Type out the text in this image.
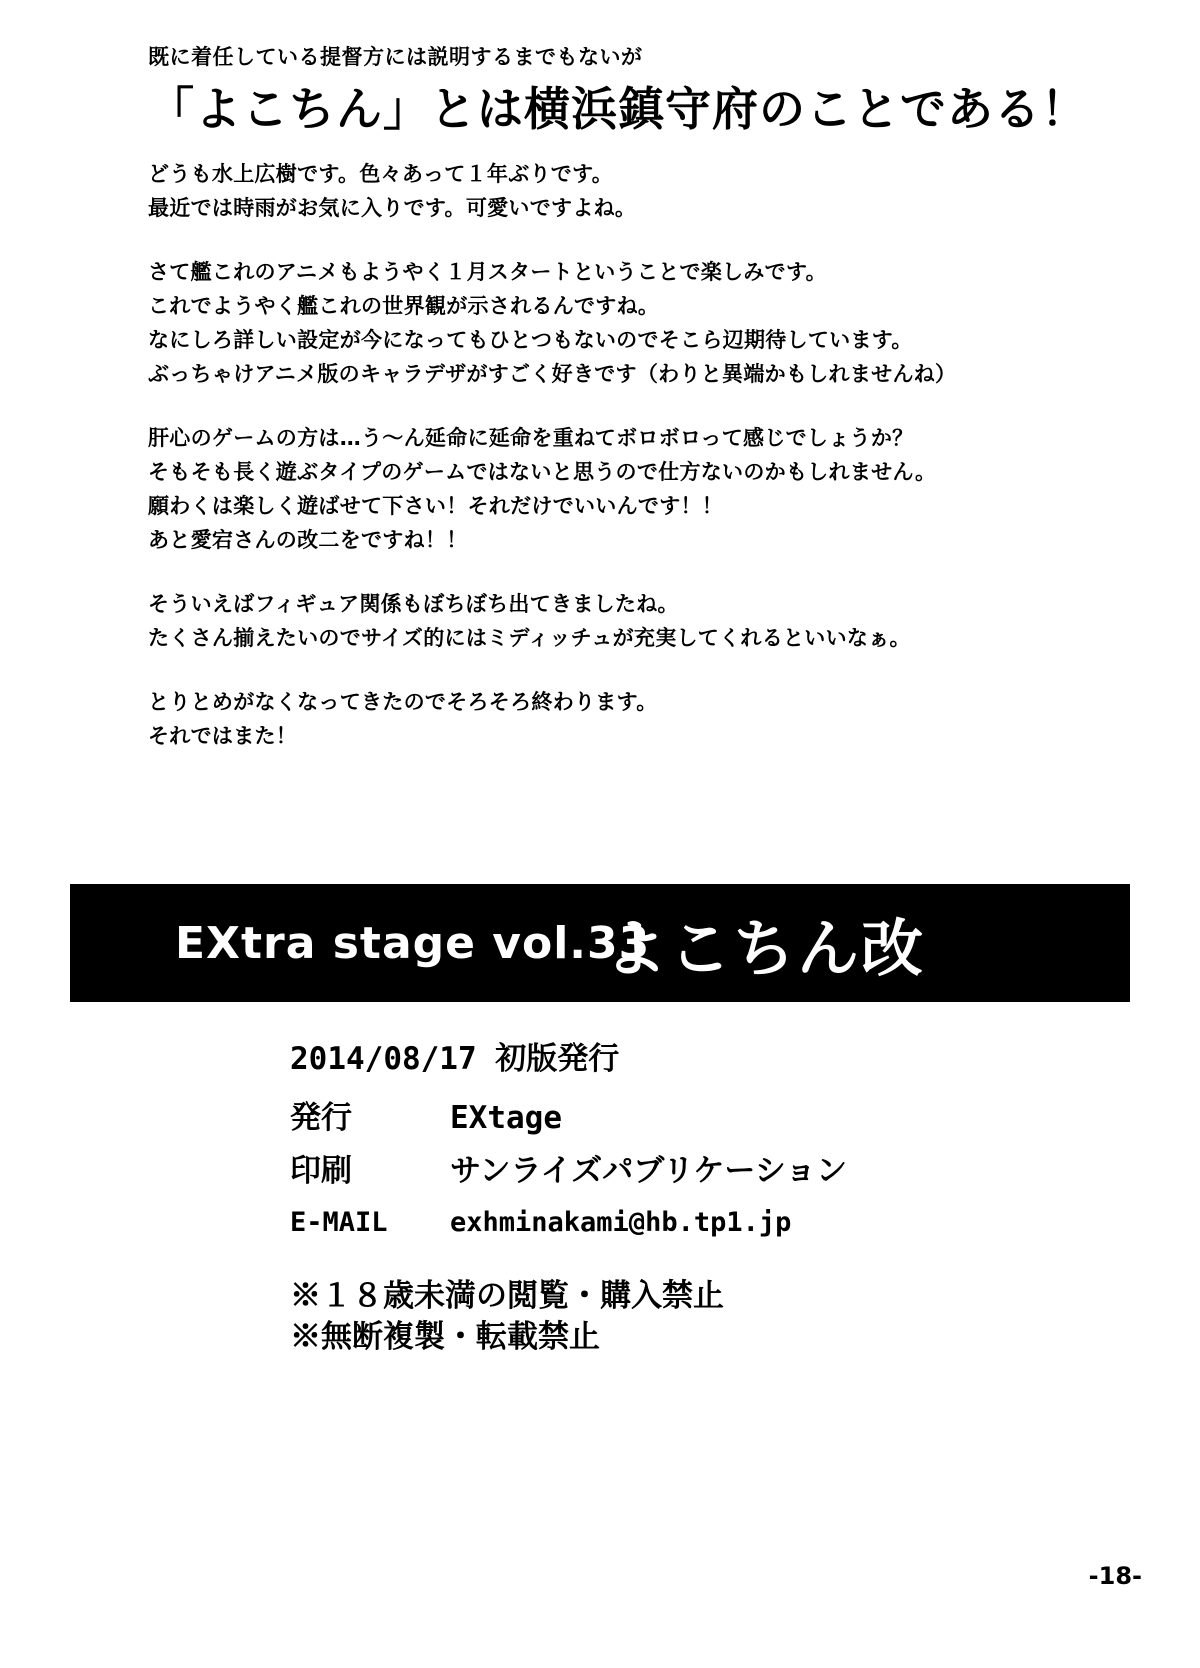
既に着任している提督方には説明するまでもないが
「よこちん」とは横浜鎮守府のことである！
どうも水上広樹です。色々あって１年ぶりです。
最近では時雨がお気に入りです。可愛いですよね。
さて艦これのアニメもようやく１月スタートということで楽しみです。
これでようやく艦これの世界観が示されるんですね。
なにしろ詳しい設定が今になってもひとつもないのでそこら辺期待しています。
ぶっちゃけアニメ版のキャラデザがすごく好きです（わりと異端かもしれませんね）
肝心のゲームの方は…う～ん延命に延命を重ねてボロボロって感じでしょうか？
そもそも長く遊ぶタイプのゲームではないと思うので仕方ないのかもしれません。
願わくは楽しく遊ばせて下さい！それだけでいいんです！！
あと愛宕さんの改二をですね！！
そういえばフィギュア関係もぼちぼち出てきましたね。
たくさん揃えたいのでサイズ的にはミディッチュが充実してくれるといいなぁ。
とりとめがなくなってきたのでそろそろ終わります。
それではまた！
EXtra stage vol.33
よこちん改
2014/08/17 初版発行
発行	EXtage
印刷	サンライズパブリケーション
E-MAIL exhminakami@hb.tp1.jp
※１８歳未満の閲覧・購入禁止
※無断複製・転載禁止
-18-
